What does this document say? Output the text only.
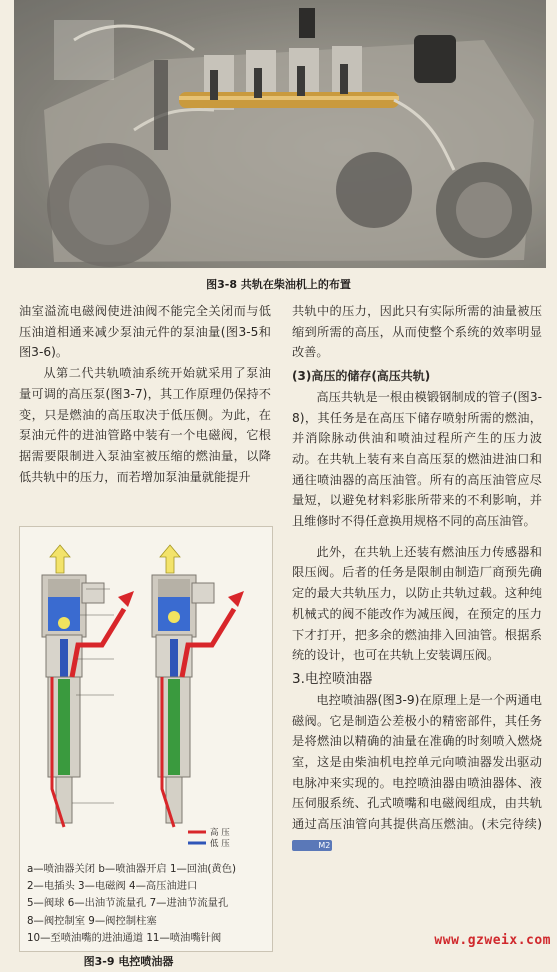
图3-8 共轨在柴油机上的布置

油室溢流电磁阀使进油阀不能完全关闭而与低压油道相通来减少泵油元件的泵油量(图3-5和图3-6)。

从第二代共轨喷油系统开始就采用了泵油量可调的高压泵(图3-7)，其工作原理仍保持不变，只是燃油的高压取决于低压侧。为此，在泵油元件的进油管路中装有一个电磁阀，它根据需要限制进入泵油室被压缩的燃油量，以降低共轨中的压力，而若增加泵油量就能提升

高 压
低 压
a—喷油器关闭 b—喷油器开启 1—回油(黄色)
2—电插头 3—电磁阀 4—高压油进口
5—阀球 6—出油节流量孔 7—进油节流量孔
8—阀控制室 9—阀控制柱塞
10—至喷油嘴的进油通道 11—喷油嘴针阀
图3-9 电控喷油器

共轨中的压力，因此只有实际所需的油量被压缩到所需的高压，从而使整个系统的效率明显改善。

(3)高压的储存(高压共轨)

高压共轨是一根由模锻钢制成的管子(图3-8)，其任务是在高压下储存喷射所需的燃油，并消除脉动供油和喷油过程所产生的压力波动。在共轨上装有来自高压泵的燃油进油口和通往喷油器的高压油管。所有的高压油管应尽量短，以避免材料彩胀所带来的不利影响，并且维修时不得任意换用规格不同的高压油管。

此外，在共轨上还装有燃油压力传感器和限压阀。后者的任务是限制由制造厂商预先确定的最大共轨压力，以防止共轨过载。这种纯机械式的阀不能改作为减压阀，在预定的压力下才打开，把多余的燃油排入回油管。根据系统的设计，也可在共轨上安装调压阀。

3.电控喷油器

电控喷油器(图3-9)在原理上是一个两通电磁阀。它是制造公差极小的精密部件，其任务是将燃油以精确的油量在准确的时刻喷入燃烧室，这是由柴油机电控单元向喷油器发出驱动电脉冲来实现的。电控喷油器由喷油器体、液压伺服系统、孔式喷嘴和电磁阀组成，由共轨通过高压油管向其提供高压燃油。(未完待续)M2

www.gzweix.com
